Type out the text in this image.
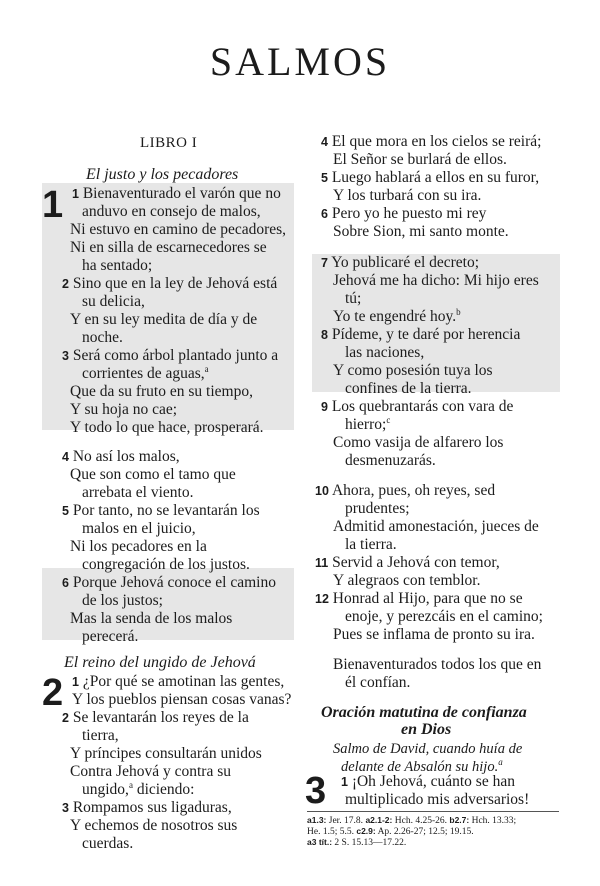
SALMOS
LIBRO I
El justo y los pecadores
1
El reino del ungido de Jehová
2
1 Bienaventurado el varón que no
anduvo en consejo de malos,
Ni estuvo en camino de pecadores,
Ni en silla de escarnecedores se
ha sentado;
2 Sino que en la ley de Jehová está
su delicia,
Y en su ley medita de día y de
noche.
3 Será como árbol plantado junto a
corrientes de aguas,$^a$
Que da su fruto en su tiempo,
Y su hoja no cae;
Y todo lo que hace, prosperará.
4 No así los malos,
Que son como el tamo que
arrebata el viento.
5 Por tanto, no se levantarán los
malos en el juicio,
Ni los pecadores en la
congregación de los justos.
6 Porque Jehová conoce el camino
de los justos;
Mas la senda de los malos
perecerá.
1 ¿Por qué se amotinan las gentes,
Y los pueblos piensan cosas vanas?
2 Se levantarán los reyes de la
tierra,
Y príncipes consultarán unidos
Contra Jehová y contra su
ungido,$^a$ diciendo:
3 Rompamos sus ligaduras,
Y echemos de nosotros sus
cuerdas.
Oración matutina de confianza
en Dios
Salmo de David, cuando huía de
delante de Absalón su hijo.$^a$
3
4 El que mora en los cielos se reirá;
El Señor se burlará de ellos.
5 Luego hablará a ellos en su furor,
Y los turbará con su ira.
6 Pero yo he puesto mi rey
Sobre Sion, mi santo monte.
7 Yo publicaré el decreto;
Jehová me ha dicho: Mi hijo eres
tú;
Yo te engendré hoy.$^b$
8 Pídeme, y te daré por herencia
las naciones,
Y como posesión tuya los
confines de la tierra.
9 Los quebrantarás con vara de
hierro;$^c$
Como vasija de alfarero los
desmenuzarás.
10 Ahora, pues, oh reyes, sed
prudentes;
Admitid amonestación, jueces de
la tierra.
11 Servid a Jehová con temor,
Y alegraos con temblor.
12 Honrad al Hijo, para que no se
enoje, y perezcáis en el camino;
Pues se inflama de pronto su ira.
Bienaventurados todos los que en
él confían.
1 ¡Oh Jehová, cuánto se han
multiplicado mis adversarios!
a1.3: Jer. 17.8. a2.1-2: Hch. 4.25-26. b2.7: Hch. 13.33;
He. 1.5; 5.5. c2.9: Ap. 2.26-27; 12.5; 19.15.
a3 tít.: 2 S. 15.13—17.22.
